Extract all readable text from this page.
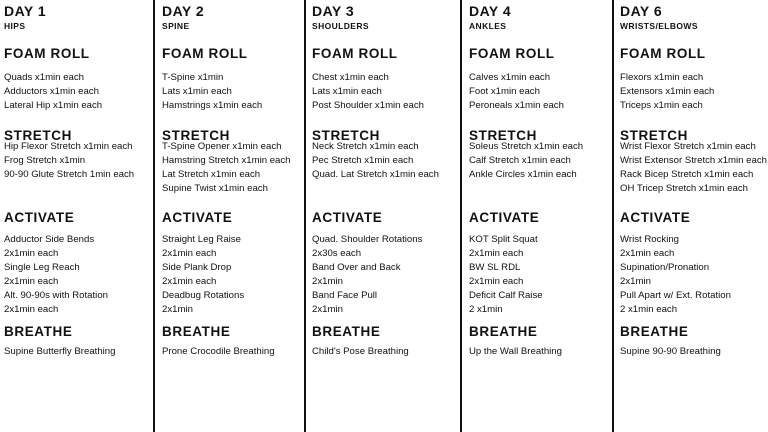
DAY 1
HIPS
FOAM ROLL
Quads x1min each
Adductors x1min each
Lateral Hip x1min each
STRETCH
Hip Flexor Stretch x1min each
Frog Stretch x1min
90-90 Glute Stretch 1min each
ACTIVATE
Adductor Side Bends
2x1min each
Single Leg Reach
2x1min each
Alt. 90-90s with Rotation
2x1min each
BREATHE
Supine Butterfly Breathing
DAY 2
SPINE
FOAM ROLL
T-Spine x1min
Lats x1min each
Hamstrings x1min each
STRETCH
T-Spine Opener x1min each
Hamstring Stretch x1min each
Lat Stretch x1min each
Supine Twist x1min each
ACTIVATE
Straight Leg Raise
2x1min each
Side Plank Drop
2x1min each
Deadbug Rotations
2x1min
BREATHE
Prone Crocodile Breathing
DAY 3
SHOULDERS
FOAM ROLL
Chest x1min each
Lats x1min each
Post Shoulder x1min each
STRETCH
Neck Stretch x1min each
Pec Stretch x1min each
Quad. Lat Stretch x1min each
ACTIVATE
Quad. Shoulder Rotations
2x30s each
Band Over and Back
2x1min
Band Face Pull
2x1min
BREATHE
Child's Pose Breathing
DAY 4
ANKLES
FOAM ROLL
Calves x1min each
Foot x1min each
Peroneals x1min each
STRETCH
Soleus Stretch x1min each
Calf Stretch x1min each
Ankle Circles x1min each
ACTIVATE
KOT Split Squat
2x1min each
BW SL RDL
2x1min each
Deficit Calf Raise
2 x1min
BREATHE
Up the Wall Breathing
DAY 6
WRISTS/ELBOWS
FOAM ROLL
Flexors x1min each
Extensors x1min each
Triceps x1min each
STRETCH
Wrist Flexor Stretch x1min each
Wrist Extensor Stretch x1min each
Rack Bicep Stretch x1min each
OH Tricep Stretch x1min each
ACTIVATE
Wrist Rocking
2x1min each
Supination/Pronation
2x1min
Pull Apart w/ Ext. Rotation
2 x1min each
BREATHE
Supine 90-90 Breathing
